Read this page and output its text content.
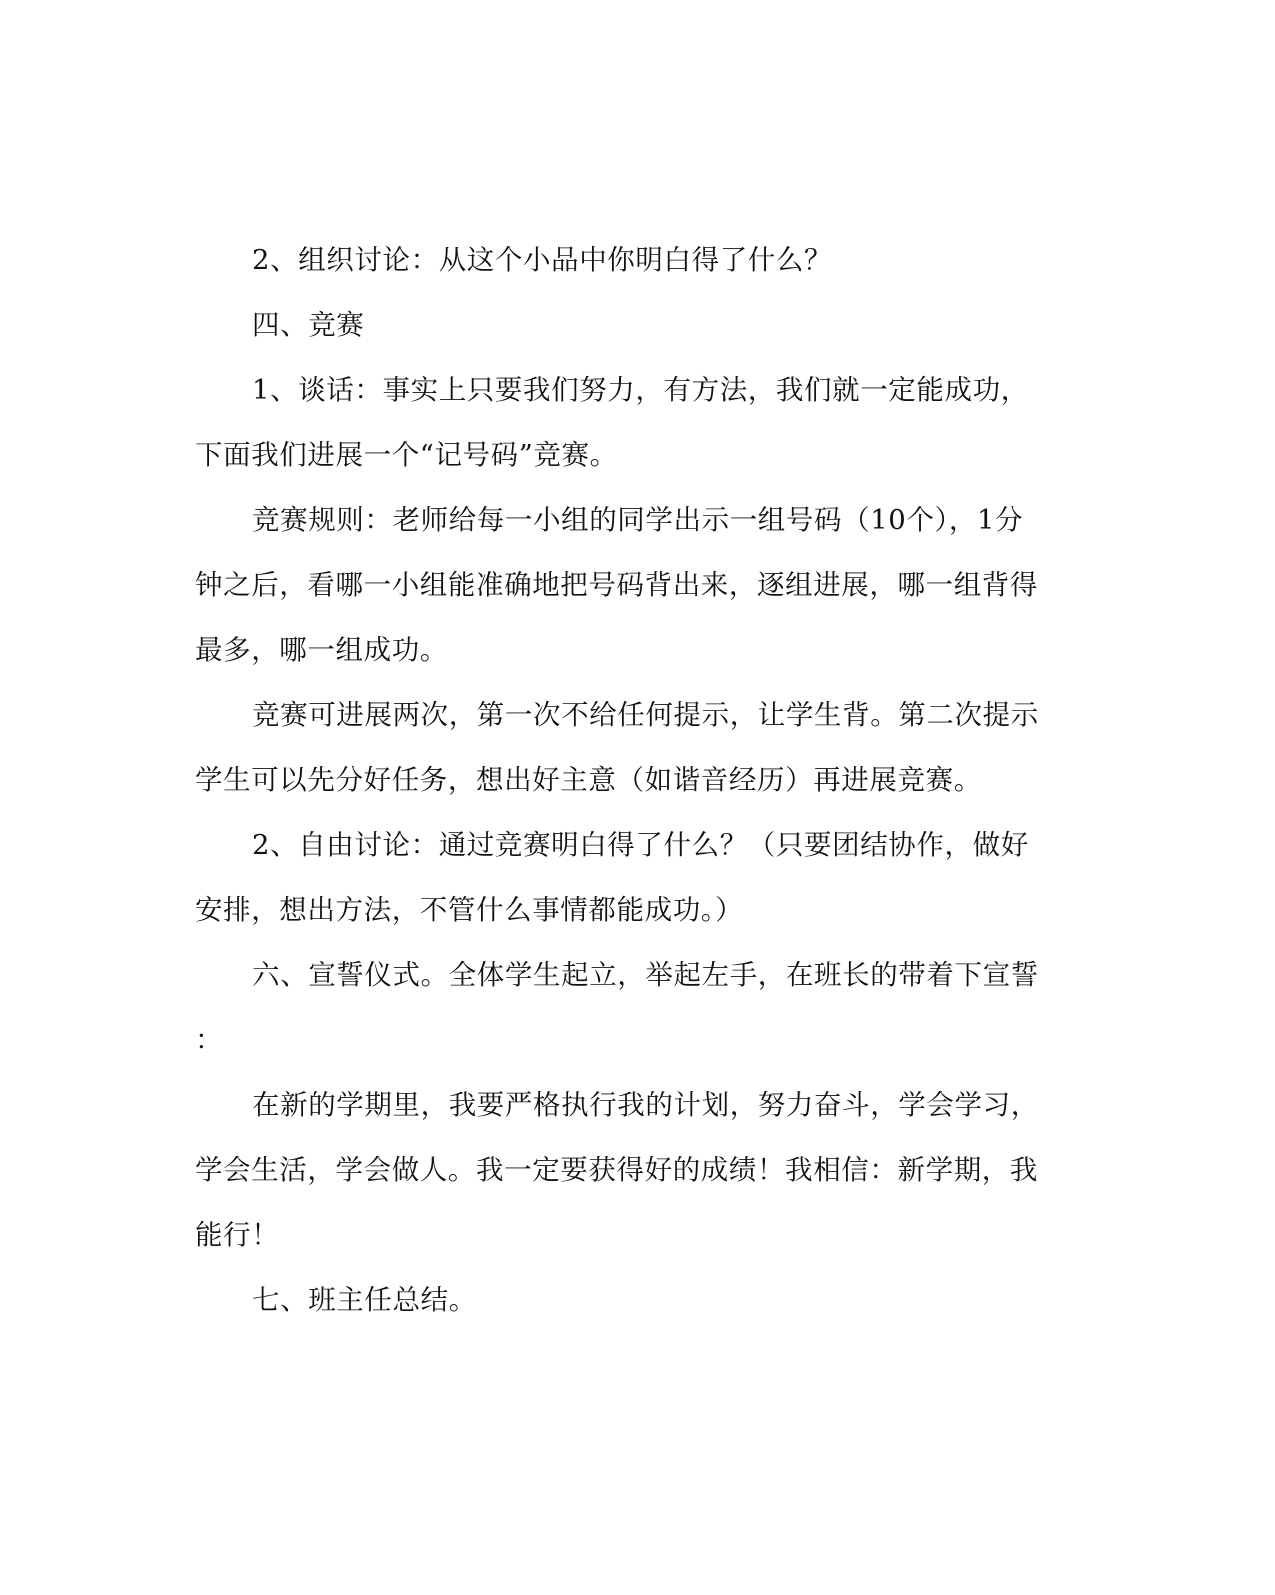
2、组织讨论：从这个小品中你明白得了什么？

四、竞赛

1、谈话：事实上只要我们努力，有方法，我们就一定能成功，
下面我们进展一个“记号码”竞赛。

竞赛规则：老师给每一小组的同学出示一组号码（10个），1分
钟之后，看哪一小组能准确地把号码背出来，逐组进展，哪一组背得
最多，哪一组成功。

竞赛可进展两次，第一次不给任何提示，让学生背。第二次提示
学生可以先分好任务，想出好主意（如谐音经历）再进展竞赛。

2、自由讨论：通过竞赛明白得了什么？（只要团结协作，做好
安排，想出方法，不管什么事情都能成功。）

六、宣誓仪式。全体学生起立，举起左手，在班长的带着下宣誓
：

在新的学期里，我要严格执行我的计划，努力奋斗，学会学习，
学会生活，学会做人。我一定要获得好的成绩！我相信：新学期，我
能行！

七、班主任总结。
